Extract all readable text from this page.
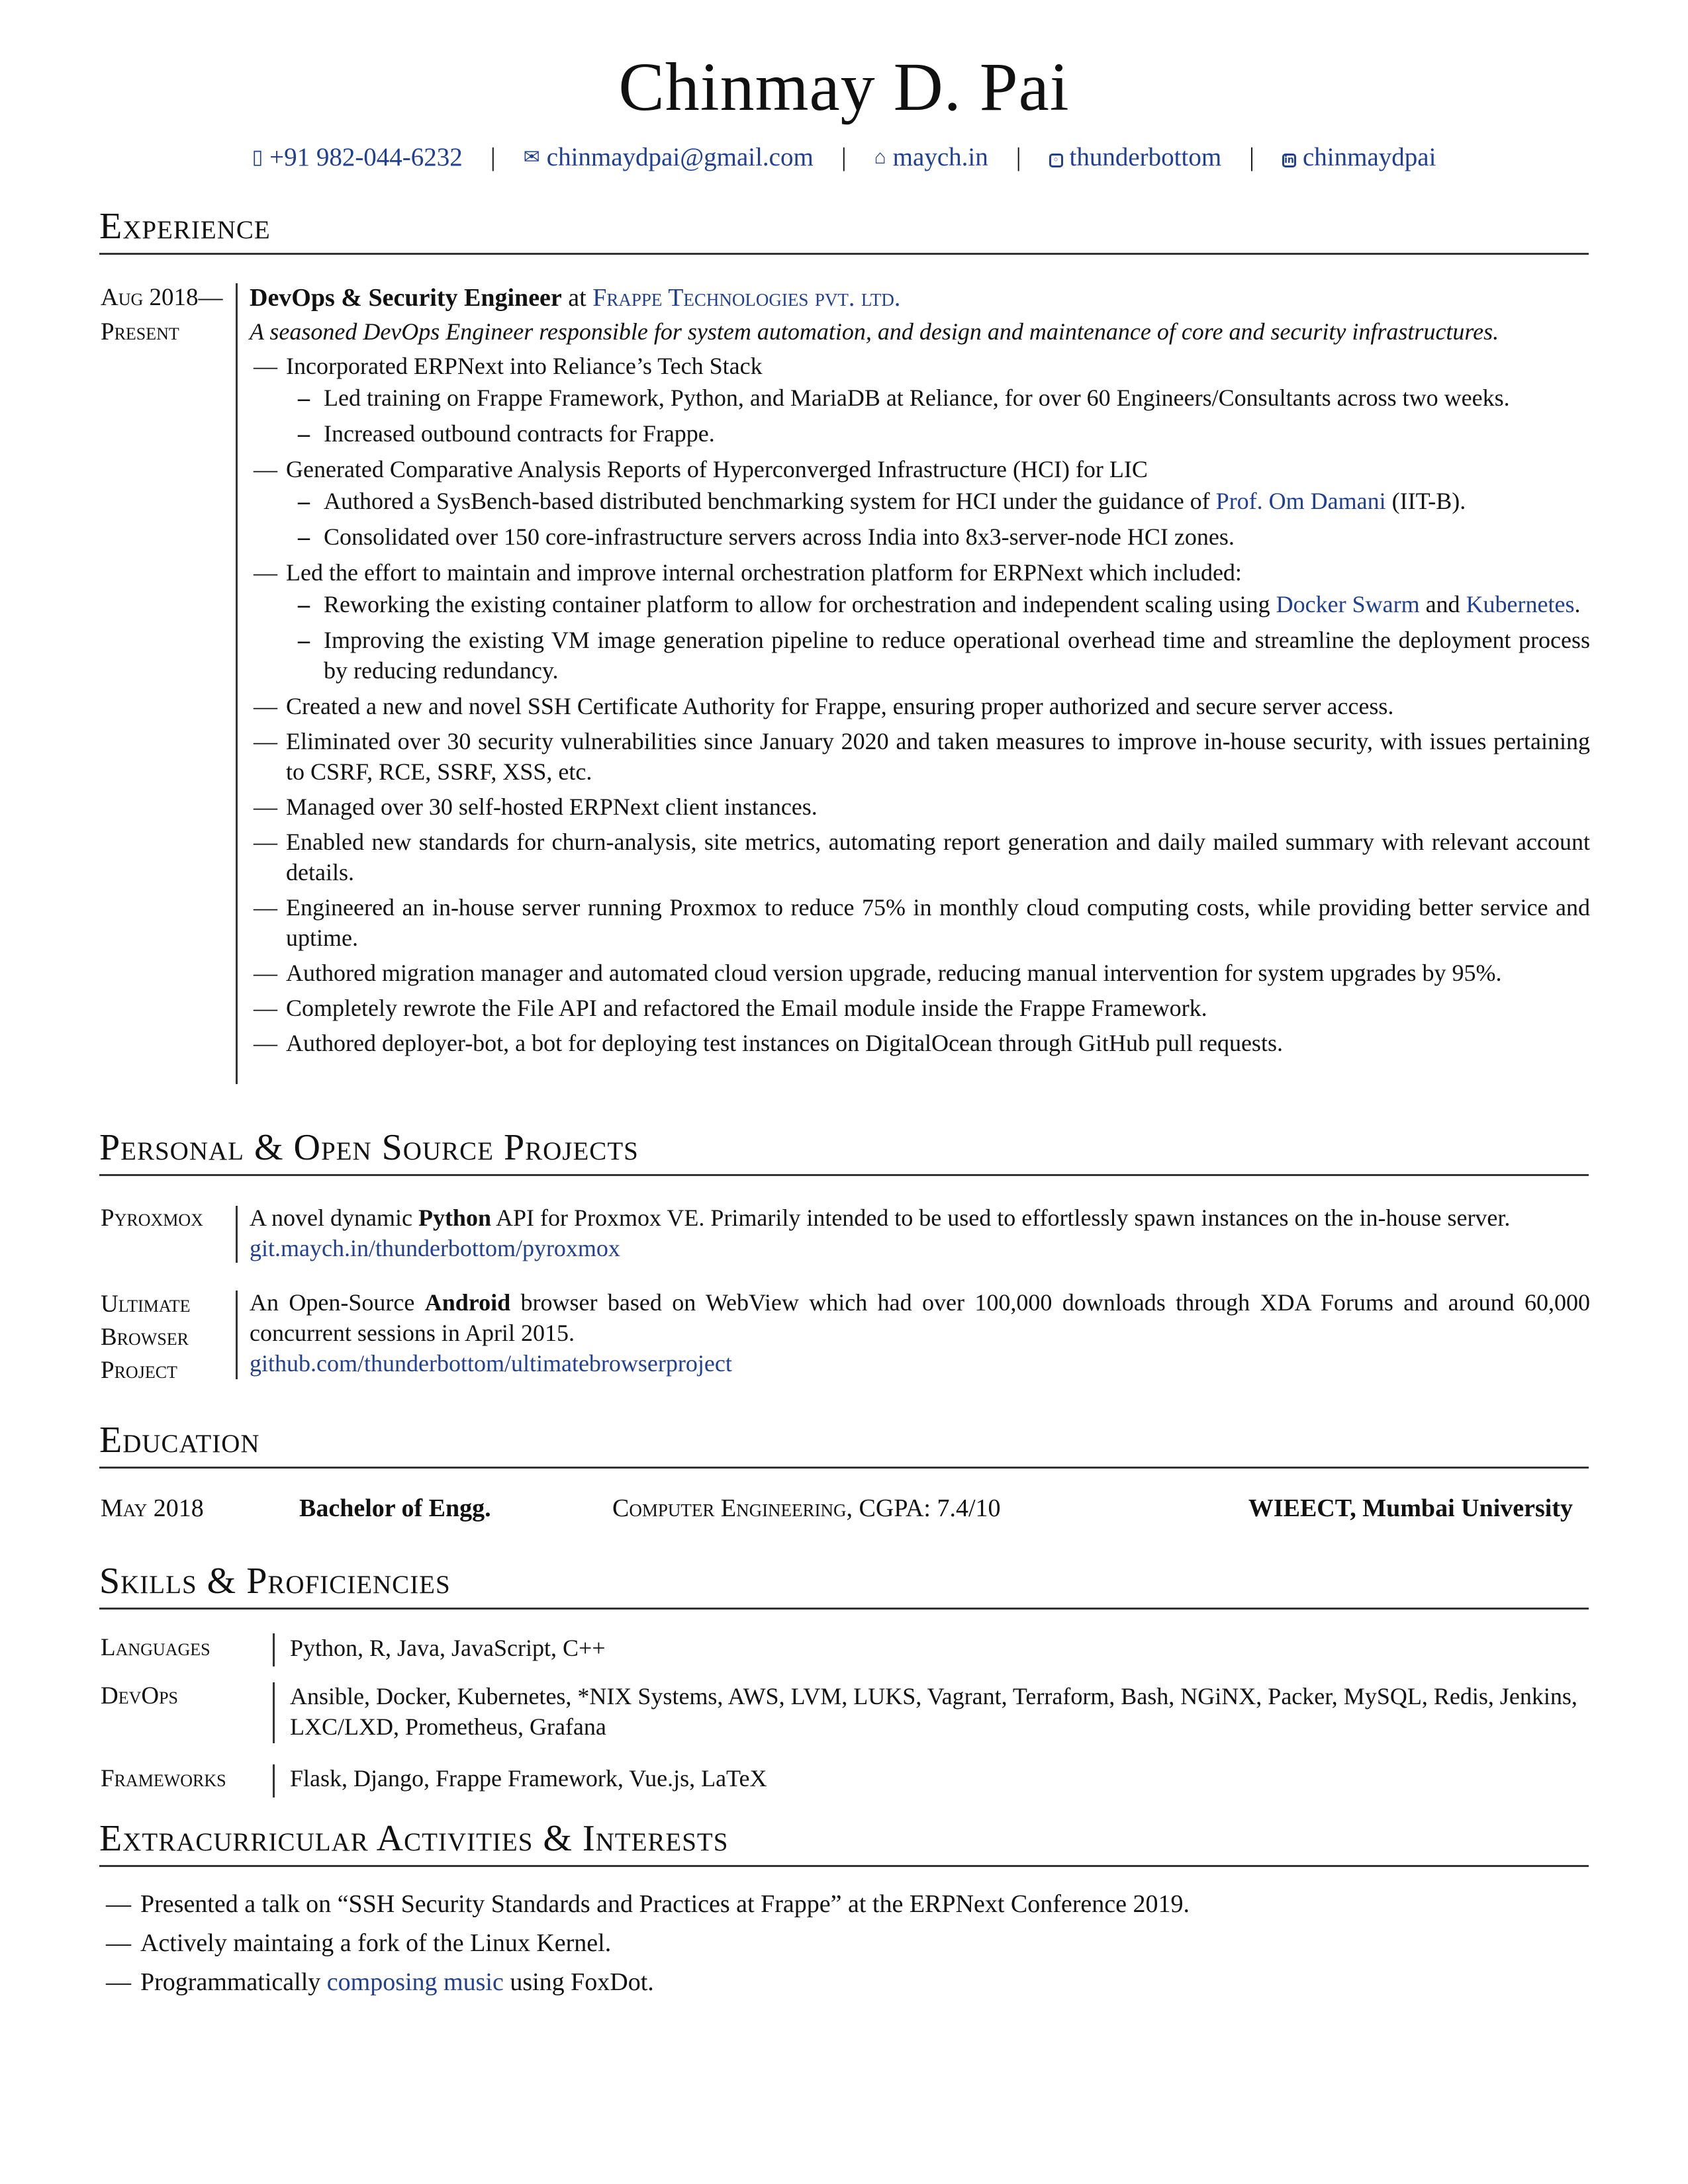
Chinmay D. Pai
▯ +91 982-044-6232 | ✉ chinmaydpai@gmail.com | ⌂ maych.in |	◦ thunderbottom |	in chinmaydpai
Experience
Aug 2018—
Present
DevOps & Security Engineer at Frappe Technologies pvt. ltd.
A seasoned DevOps Engineer responsible for system automation, and design and maintenance of core and security infrastructures.
— Incorporated ERPNext into Reliance’s Tech Stack
– Led training on Frappe Framework, Python, and MariaDB at Reliance, for over 60 Engineers/Consultants across two weeks.
– Increased outbound contracts for Frappe.
— Generated Comparative Analysis Reports of Hyperconverged Infrastructure (HCI) for LIC
– Authored a SysBench-based distributed benchmarking system for HCI under the guidance of Prof. Om Damani (IIT-B).
– Consolidated over 150 core-infrastructure servers across India into 8x3-server-node HCI zones.
— Led the effort to maintain and improve internal orchestration platform for ERPNext which included:
– Reworking the existing container platform to allow for orchestration and independent scaling using Docker Swarm and Kubernetes.
– Improving the existing VM image generation pipeline to reduce operational overhead time and streamline the deployment process by reducing redundancy.
— Created a new and novel SSH Certificate Authority for Frappe, ensuring proper authorized and secure server access.
— Eliminated over 30 security vulnerabilities since January 2020 and taken measures to improve in-house security, with issues pertaining to CSRF, RCE, SSRF, XSS, etc.
— Managed over 30 self-hosted ERPNext client instances.
— Enabled new standards for churn-analysis, site metrics, automating report generation and daily mailed summary with relevant account details.
— Engineered an in-house server running Proxmox to reduce 75% in monthly cloud computing costs, while providing better service and uptime.
— Authored migration manager and automated cloud version upgrade, reducing manual intervention for system upgrades by 95%.
— Completely rewrote the File API and refactored the Email module inside the Frappe Framework.
— Authored deployer-bot, a bot for deploying test instances on DigitalOcean through GitHub pull requests.
Personal & Open Source Projects
Pyroxmox A novel dynamic Python API for Proxmox VE. Primarily intended to be used to effortlessly spawn instances on the in-house server.
git.maych.in/thunderbottom/pyroxmox
Ultimate
Browser
Project
An Open-Source Android browser based on WebView which had over 100,000 downloads through XDA Forums and around 60,000 concurrent sessions in April 2015.
github.com/thunderbottom/ultimatebrowserproject
Education
May 2018	Bachelor of Engg.	Computer Engineering, CGPA: 7.4/10	WIEECT, Mumbai University
Skills & Proficiencies
Languages	Python, R, Java, JavaScript, C++
DevOps	Ansible, Docker, Kubernetes, *NIX Systems, AWS, LVM, LUKS, Vagrant, Terraform, Bash, NGiNX, Packer, MySQL, Redis, Jenkins, LXC/LXD, Prometheus, Grafana
Frameworks	Flask, Django, Frappe Framework, Vue.js, LaTeX
Extracurricular Activities & Interests
— Presented a talk on “SSH Security Standards and Practices at Frappe” at the ERPNext Conference 2019.
— Actively maintaing a fork of the Linux Kernel.
— Programmatically composing music using FoxDot.
